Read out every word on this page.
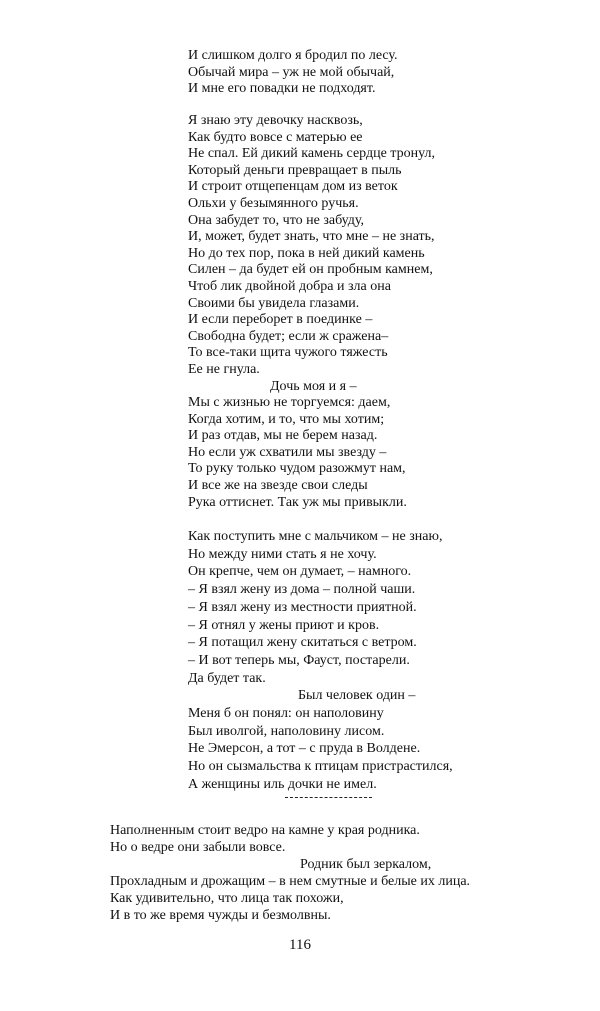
И слишком долго я бродил по лесу.
Обычай мира – уж не мой обычай,
И мне его повадки не подходят.
Я знаю эту девочку насквозь,
Как будто вовсе с матерью ее
Не спал. Ей дикий камень сердце тронул,
Который деньги превращает в пыль
И строит отщепенцам дом из веток
Ольхи у безымянного ручья.
Она забудет то, что не забуду,
И, может, будет знать, что мне – не знать,
Но до тех пор, пока в ней дикий камень
Силен – да будет ей он пробным камнем,
Чтоб лик двойной добра и зла она
Своими бы увидела глазами.
И если переборет в поединке –
Свободна будет; если ж сражена–
То все-таки щита чужого тяжесть
Ее не гнула.
Дочь моя и я –
Мы с жизнью не торгуемся: даем,
Когда хотим, и то, что мы хотим;
И раз отдав, мы не берем назад.
Но если уж схватили мы звезду –
То руку только чудом разожмут нам,
И все же на звезде свои следы
Рука оттиснет. Так уж мы привыкли.
Как поступить мне с мальчиком – не знаю,
Но между ними стать я не хочу.
Он крепче, чем он думает, – намного.
– Я взял жену из дома – полной чаши.
– Я взял жену из местности приятной.
– Я отнял у жены приют и кров.
– Я потащил жену скитаться с ветром.
– И вот теперь мы, Фауст, постарели.
Да будет так.
Был человек один –
Меня б он понял: он наполовину
Был иволгой, наполовину лисом.
Не Эмерсон, а тот – с пруда в Волдене.
Но он сызмальства к птицам пристрастился,
А женщины иль дочки не имел.
Наполненным стоит ведро на камне у края родника.
Но о ведре они забыли вовсе.
Родник был зеркалом,
Прохладным и дрожащим – в нем смутные и белые их лица.
Как удивительно, что лица так похожи,
И в то же время чужды и безмолвны.
116
